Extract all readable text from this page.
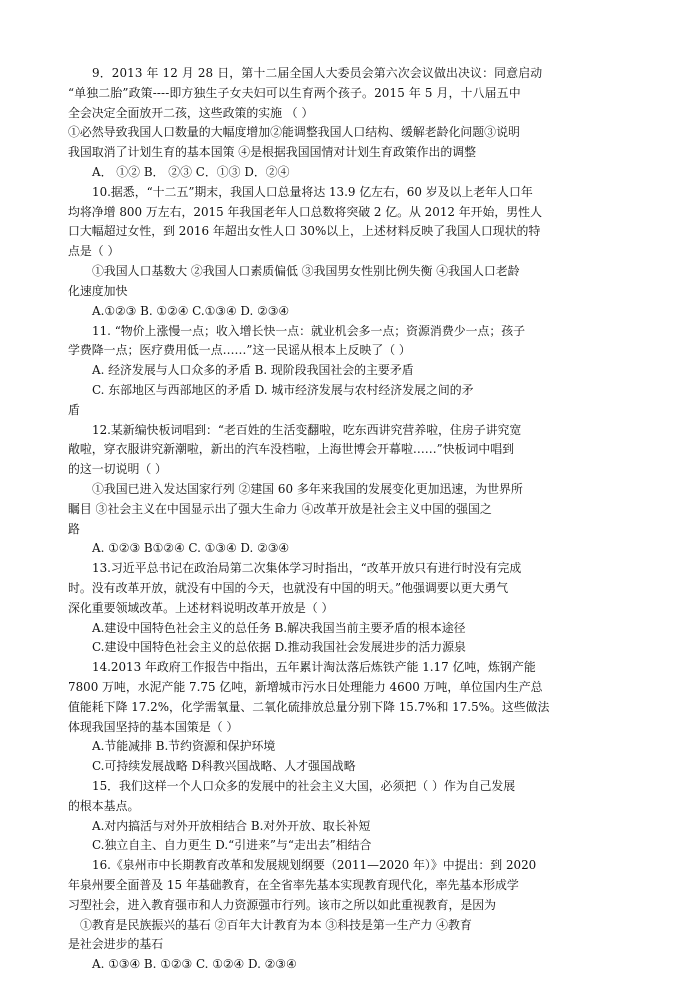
9．2013 年 12 月 28 日，第十二届全国人大委员会第六次会议做出决议：同意启动
“单独二胎”政策----即方独生子女夫妇可以生育两个孩子。2015 年 5 月，十八届五中
全会决定全面放开二孩，这些政策的实施 （ ）
①必然导致我国人口数量的大幅度增加②能调整我国人口结构、缓解老龄化问题③说明
我国取消了计划生育的基本国策 ④是根据我国国情对计划生育政策作出的调整
A． ①② B． ②③ C．①③ D．②④
10.据悉，“十二五”期末，我国人口总量将达 13.9 亿左右，60 岁及以上老年人口年
均将净增 800 万左右，2015 年我国老年人口总数将突破 2 亿。从 2012 年开始，男性人
口大幅超过女性，到 2016 年超出女性人口 30%以上，上述材料反映了我国人口现状的特
点是（ ）
①我国人口基数大 ②我国人口素质偏低 ③我国男女性别比例失衡 ④我国人口老龄
化速度加快
A.①②③ B. ①②④ C.①③④ D. ②③④
11. “物价上涨慢一点；收入增长快一点：就业机会多一点；资源消费少一点；孩子
学费降一点；医疗费用低一点……”这一民谣从根本上反映了（ ）
A. 经济发展与人口众多的矛盾 B. 现阶段我国社会的主要矛盾
C. 东部地区与西部地区的矛盾 D. 城市经济发展与农村经济发展之间的矛
盾
12.某新编快板词唱到：“老百姓的生活变翻啦，吃东西讲究营养啦，住房子讲究宽
敞啦，穿衣服讲究新潮啦，新出的汽车没档啦，上海世博会开幕啦……”快板词中唱到
的这一切说明（ ）
①我国已进入发达国家行列 ②建国 60 多年来我国的发展变化更加迅速，为世界所
瞩目 ③社会主义在中国显示出了强大生命力 ④改革开放是社会主义中国的强国之
路
A. ①②③ B①②④ C. ①③④ D. ②③④
13.习近平总书记在政治局第二次集体学习时指出，“改革开放只有进行时没有完成
时。没有改革开放，就没有中国的今天，也就没有中国的明天。”他强调要以更大勇气
深化重要领域改革。上述材料说明改革开放是（ ）
A.建设中国特色社会主义的总任务 B.解决我国当前主要矛盾的根本途径
C.建设中国特色社会主义的总依据 D.推动我国社会发展进步的活力源泉
14.2013 年政府工作报告中指出，五年累计淘汰落后炼铁产能 1.17 亿吨，炼钢产能
7800 万吨，水泥产能 7.75 亿吨，新增城市污水日处理能力 4600 万吨，单位国内生产总
值能耗下降 17.2%，化学需氧量、二氧化硫排放总量分别下降 15.7%和 17.5%。这些做法
体现我国坚持的基本国策是（ ）
A.节能减排 B.节约资源和保护环境
C.可持续发展战略 D科教兴国战略、人才强国战略
15．我们这样一个人口众多的发展中的社会主义大国，必须把（ ）作为自己发展
的根本基点。
A.对内搞活与对外开放相结合 B.对外开放、取长补短
C.独立自主、自力更生 D.“引进来”与“走出去”相结合
16.《泉州市中长期教育改革和发展规划纲要（2011—2020 年）》中提出：到 2020
年泉州要全面普及 15 年基础教育，在全省率先基本实现教育现代化，率先基本形成学
习型社会，进入教育强市和人力资源强市行列。该市之所以如此重视教育，是因为
①教育是民族振兴的基石 ②百年大计教育为本 ③科技是第一生产力 ④教育
是社会进步的基石
A. ①③④ B. ①②③ C. ①②④ D. ②③④
